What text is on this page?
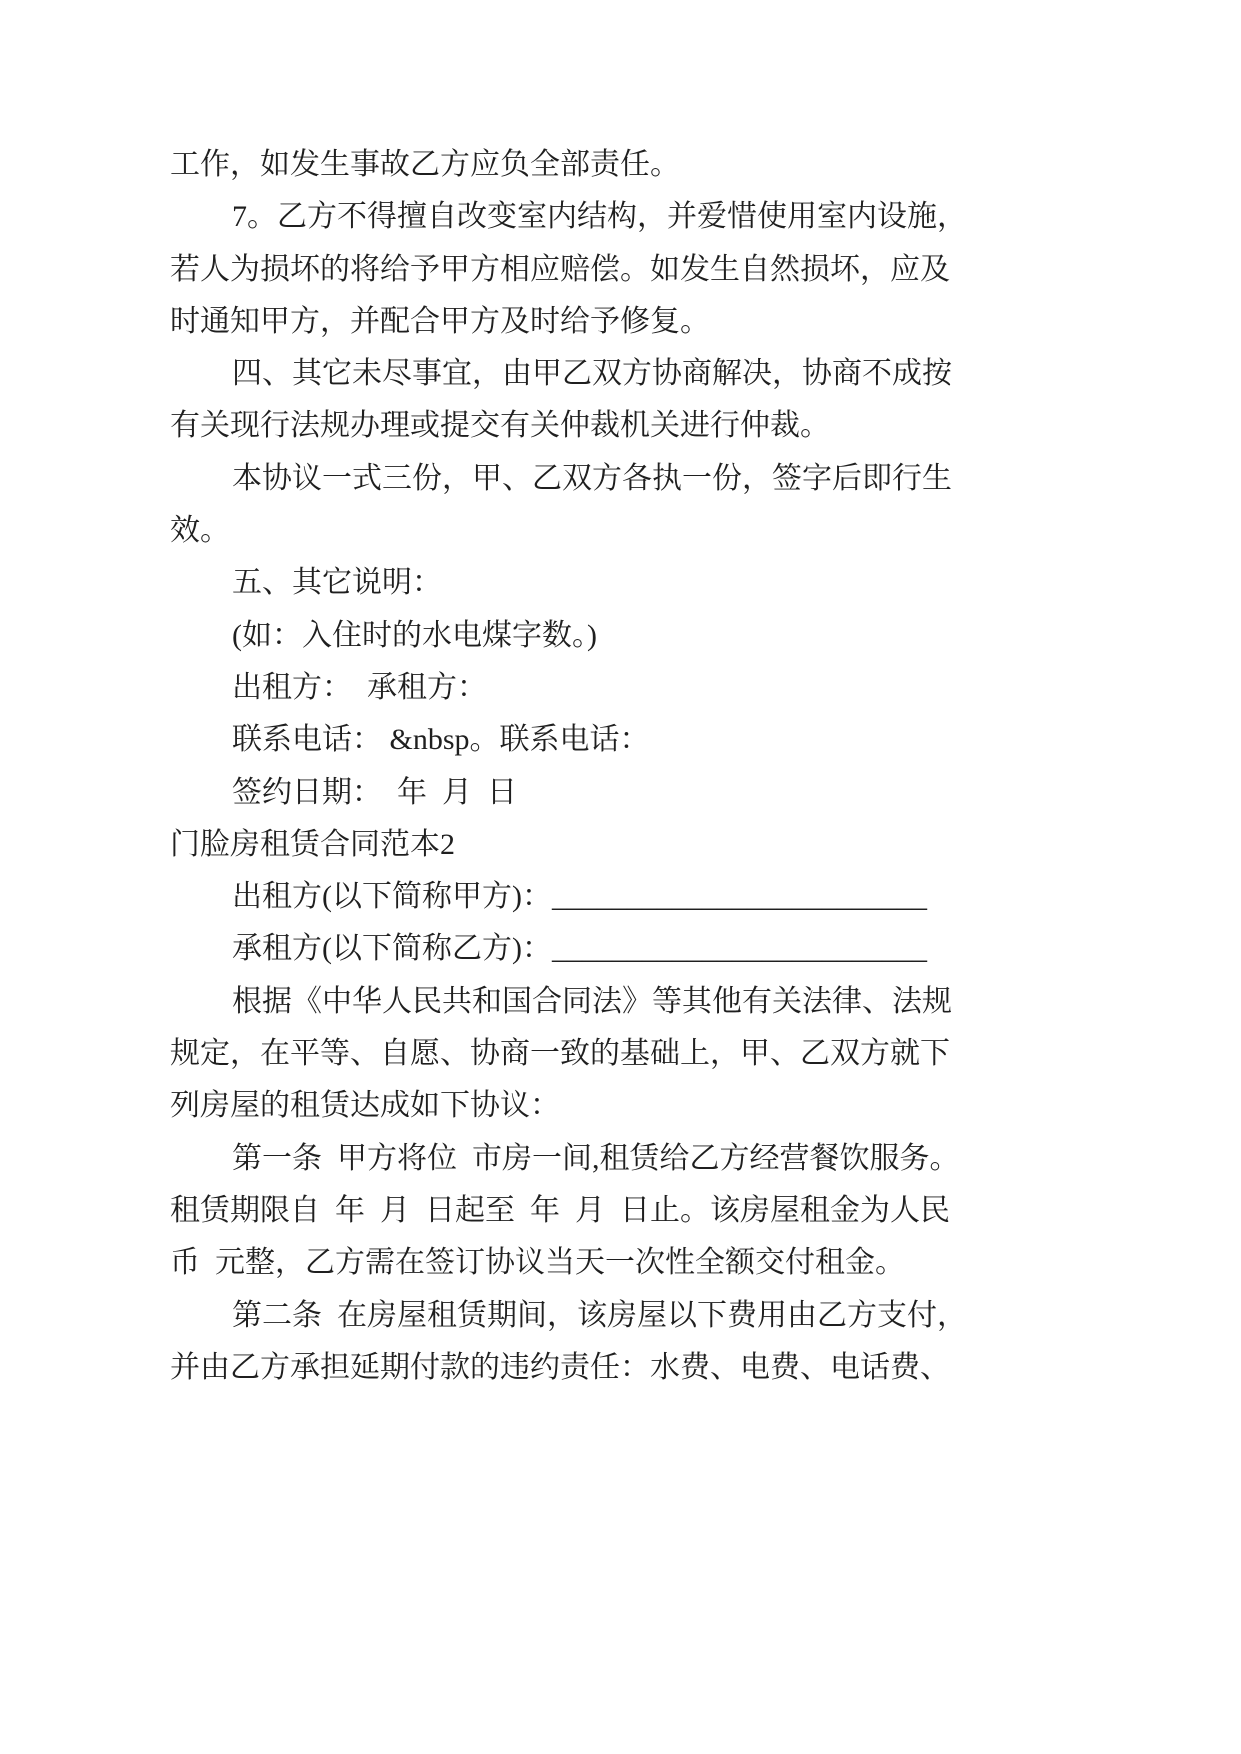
工作，如发生事故乙方应负全部责任。
7。乙方不得擅自改变室内结构，并爱惜使用室内设施，
若人为损坏的将给予甲方相应赔偿。如发生自然损坏，应及
时通知甲方，并配合甲方及时给予修复。
四、其它未尽事宜，由甲乙双方协商解决，协商不成按
有关现行法规办理或提交有关仲裁机关进行仲裁。
本协议一式三份，甲、乙双方各执一份，签字后即行生
效。
五、其它说明：
(如：入住时的水电煤字数。)
出租方：  承租方：
联系电话： &nbsp。联系电话：
签约日期：  年  月  日
门脸房租赁合同范本2
出租方(以下简称甲方)：_________________________
承租方(以下简称乙方)：_________________________
根据《中华人民共和国合同法》等其他有关法律、法规
规定，在平等、自愿、协商一致的基础上，甲、乙双方就下
列房屋的租赁达成如下协议：
第一条  甲方将位  市房一间,租赁给乙方经营餐饮服务。
租赁期限自  年  月  日起至  年  月  日止。该房屋租金为人民
币  元整，乙方需在签订协议当天一次性全额交付租金。
第二条  在房屋租赁期间，该房屋以下费用由乙方支付，
并由乙方承担延期付款的违约责任：水费、电费、电话费、
